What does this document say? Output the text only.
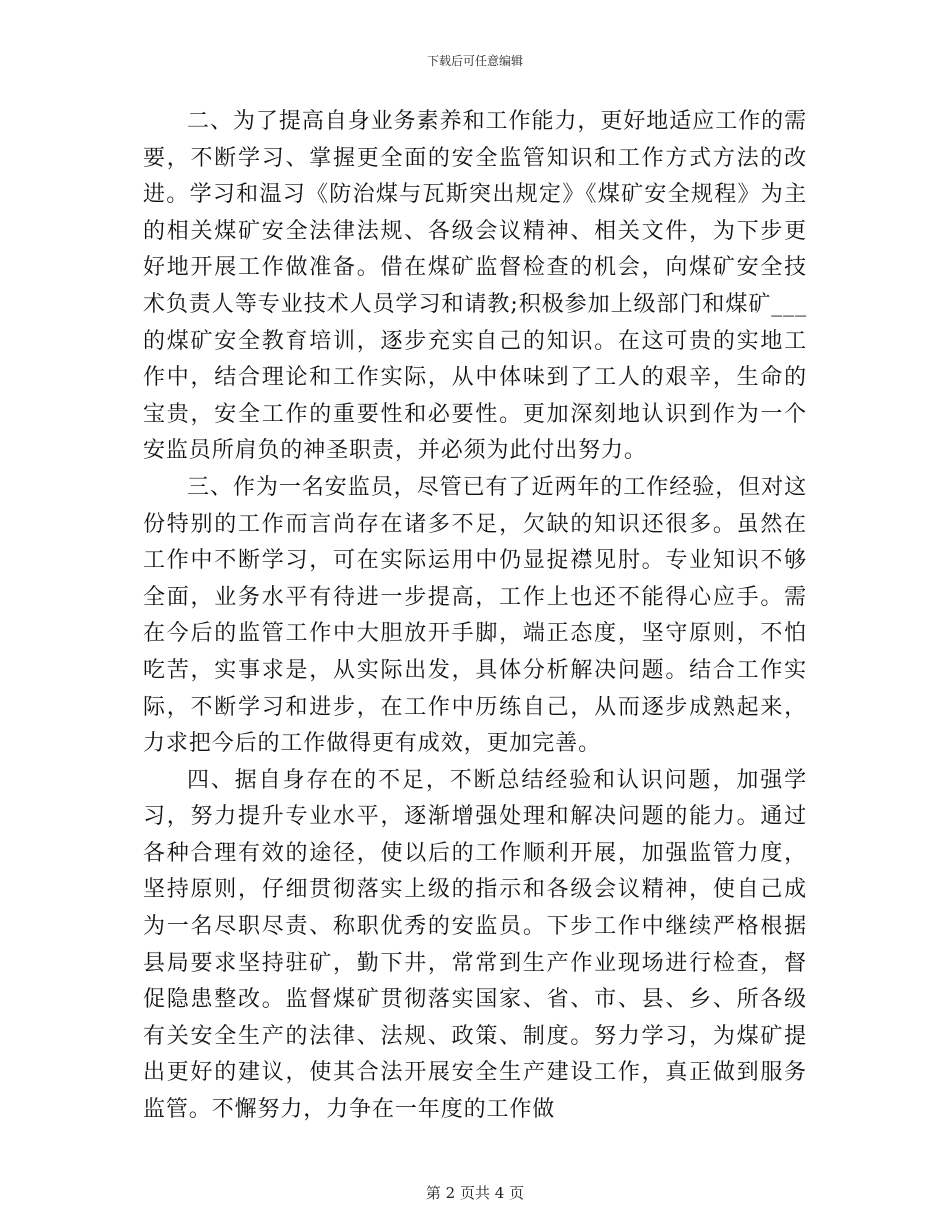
下载后可任意编辑

二、为了提高自身业务素养和工作能力，更好地适应工作的需要，不断学习、掌握更全面的安全监管知识和工作方式方法的改进。学习和温习《防治煤与瓦斯突出规定》《煤矿安全规程》为主的相关煤矿安全法律法规、各级会议精神、相关文件，为下步更好地开展工作做准备。借在煤矿监督检查的机会，向煤矿安全技术负责人等专业技术人员学习和请教;积极参加上级部门和煤矿___的煤矿安全教育培训，逐步充实自己的知识。在这可贵的实地工作中，结合理论和工作实际，从中体味到了工人的艰辛，生命的宝贵，安全工作的重要性和必要性。更加深刻地认识到作为一个安监员所肩负的神圣职责，并必须为此付出努力。

三、作为一名安监员，尽管已有了近两年的工作经验，但对这份特别的工作而言尚存在诸多不足，欠缺的知识还很多。虽然在工作中不断学习，可在实际运用中仍显捉襟见肘。专业知识不够全面，业务水平有待进一步提高，工作上也还不能得心应手。需在今后的监管工作中大胆放开手脚，端正态度，坚守原则，不怕吃苦，实事求是，从实际出发，具体分析解决问题。结合工作实际，不断学习和进步，在工作中历练自己，从而逐步成熟起来，力求把今后的工作做得更有成效，更加完善。

四、据自身存在的不足，不断总结经验和认识问题，加强学习，努力提升专业水平，逐渐增强处理和解决问题的能力。通过各种合理有效的途径，使以后的工作顺利开展，加强监管力度，坚持原则，仔细贯彻落实上级的指示和各级会议精神，使自己成为一名尽职尽责、称职优秀的安监员。下步工作中继续严格根据县局要求坚持驻矿，勤下井，常常到生产作业现场进行检查，督促隐患整改。监督煤矿贯彻落实国家、省、市、县、乡、所各级有关安全生产的法律、法规、政策、制度。努力学习，为煤矿提出更好的建议，使其合法开展安全生产建设工作，真正做到服务监管。不懈努力，力争在一年度的工作做

第 2 页共 4 页
